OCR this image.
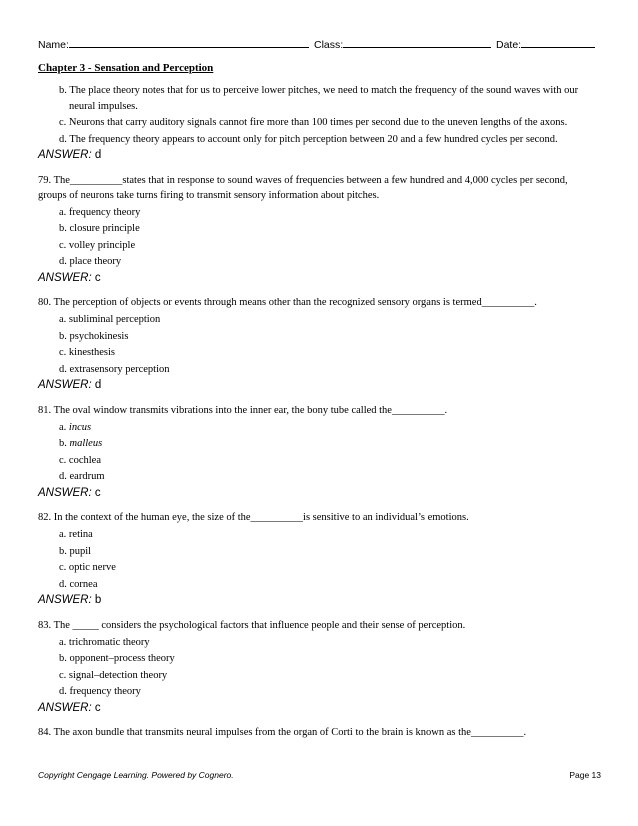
Name:	Class:	Date:
Chapter 3 - Sensation and Perception
b. The place theory notes that for us to perceive lower pitches, we need to match the frequency of the sound waves with our neural impulses.
c. Neurons that carry auditory signals cannot fire more than 100 times per second due to the uneven lengths of the axons.
d. The frequency theory appears to account only for pitch perception between 20 and a few hundred cycles per second.
ANSWER: d
79. The__________states that in response to sound waves of frequencies between a few hundred and 4,000 cycles per second, groups of neurons take turns firing to transmit sensory information about pitches.
a. frequency theory
b. closure principle
c. volley principle
d. place theory
ANSWER: c
80. The perception of objects or events through means other than the recognized sensory organs is termed__________.
a. subliminal perception
b. psychokinesis
c. kinesthesis
d. extrasensory perception
ANSWER: d
81. The oval window transmits vibrations into the inner ear, the bony tube called the__________.
a. incus
b. malleus
c. cochlea
d. eardrum
ANSWER: c
82. In the context of the human eye, the size of the__________is sensitive to an individual’s emotions.
a. retina
b. pupil
c. optic nerve
d. cornea
ANSWER: b
83. The _____ considers the psychological factors that influence people and their sense of perception.
a. trichromatic theory
b. opponent–process theory
c. signal–detection theory
d. frequency theory
ANSWER: c
84. The axon bundle that transmits neural impulses from the organ of Corti to the brain is known as the__________.
Copyright Cengage Learning. Powered by Cognero.	Page 13
